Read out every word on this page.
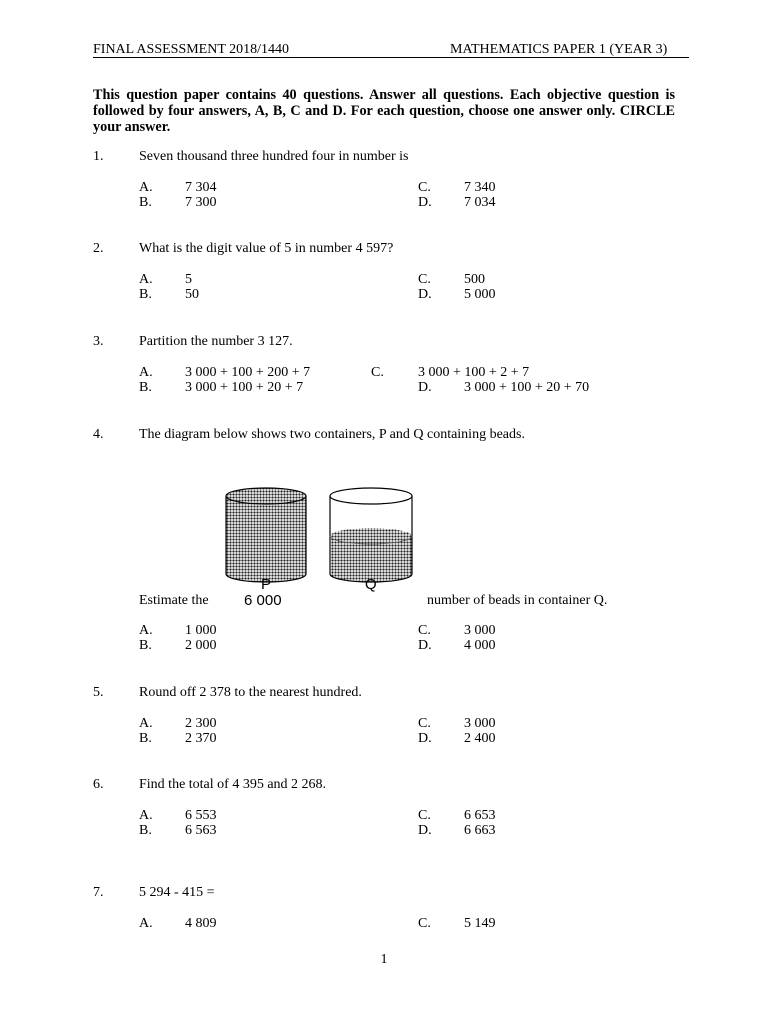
FINAL ASSESSMENT 2018/1440	MATHEMATICS PAPER 1 (YEAR 3)
This question paper contains 40 questions. Answer all questions. Each objective question is followed by four answers, A, B, C and D. For each question, choose one answer only. CIRCLE your answer.
1.	Seven thousand three hundred four in number is
A. 7 304
B. 7 300
C. 7 340
D. 7 034
2.	What is the digit value of 5 in number 4 597?
A. 5
B. 50
C. 500
D. 5 000
3.	Partition the number 3 127.
A. 3 000 + 100 + 200 + 7
B. 3 000 + 100 + 20 + 7
C. 3 000 + 100 + 2 + 7
D. 3 000 + 100 + 20 + 70
4.	The diagram below shows two containers, P and Q containing beads.
P	Q
6 000
Estimate the	number of beads in container Q.
A. 1 000
B. 2 000
C. 3 000
D. 4 000
5.	Round off 2 378 to the nearest hundred.
A. 2 300
B. 2 370
C. 3 000
D. 2 400
6.	Find the total of 4 395 and 2 268.
A. 6 553
B. 6 563
C. 6 653
D. 6 663
7.	5 294 - 415 =
A. 4 809	C. 5 149
1
